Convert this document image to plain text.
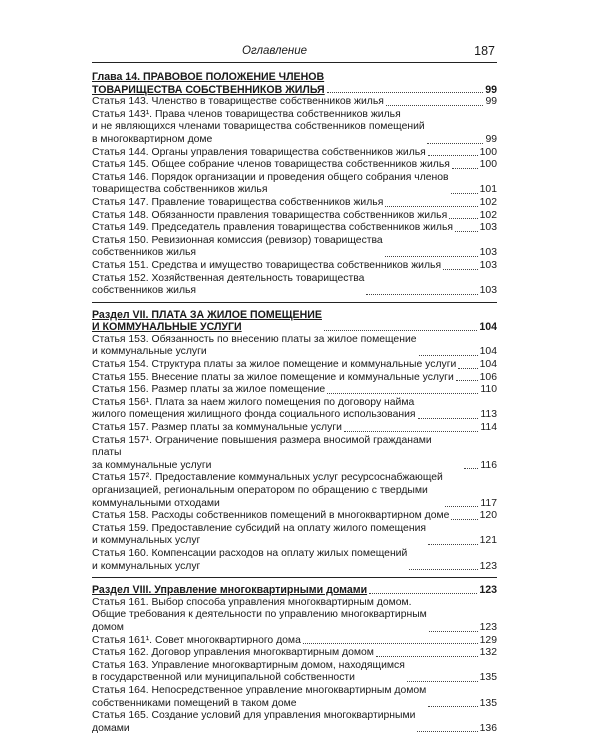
Оглавление	187
Глава 14. ПРАВОВОЕ ПОЛОЖЕНИЕ ЧЛЕНОВ
ТОВАРИЩЕСТВА СОБСТВЕННИКОВ ЖИЛЬЯ	99
Статья 143. Членство в товариществе собственников жилья	99
Статья 143¹. Права членов товарищества собственников жилья
и не являющихся членами товарищества собственников помещений
в многоквартирном доме	99
Статья 144. Органы управления товарищества собственников жилья	100
Статья 145. Общее собрание членов товарищества собственников жилья	100
Статья 146. Порядок организации и проведения общего собрания членов
товарищества собственников жилья	101
Статья 147. Правление товарищества собственников жилья	102
Статья 148. Обязанности правления товарищества собственников жилья	102
Статья 149. Председатель правления товарищества собственников жилья	103
Статья 150. Ревизионная комиссия (ревизор) товарищества
собственников жилья	103
Статья 151. Средства и имущество товарищества собственников жилья	103
Статья 152. Хозяйственная деятельность товарищества
собственников жилья	103
Раздел VII. ПЛАТА ЗА ЖИЛОЕ ПОМЕЩЕНИЕ
И КОММУНАЛЬНЫЕ УСЛУГИ	104
Статья 153. Обязанность по внесению платы за жилое помещение
и коммунальные услуги	104
Статья 154. Структура платы за жилое помещение и коммунальные услуги 104
Статья 155. Внесение платы за жилое помещение и коммунальные услуги 106
Статья 156. Размер платы за жилое помещение	110
Статья 156¹. Плата за наем жилого помещения по договору найма
жилого помещения жилищного фонда социального использования	113
Статья 157. Размер платы за коммунальные услуги	114
Статья 157¹. Ограничение повышения размера вносимой гражданами платы
за коммунальные услуги	116
Статья 157². Предоставление коммунальных услуг ресурсоснабжающей
организацией, региональным оператором по обращению с твердыми
коммунальными отходами	117
Статья 158. Расходы собственников помещений в многоквартирном доме	120
Статья 159. Предоставление субсидий на оплату жилого помещения
и коммунальных услуг	121
Статья 160. Компенсации расходов на оплату жилых помещений
и коммунальных услуг	123
Раздел VIII. Управление многоквартирными домами	123
Статья 161. Выбор способа управления многоквартирным домом.
Общие требования к деятельности по управлению многоквартирным
домом	123
Статья 161¹. Совет многоквартирного дома	129
Статья 162. Договор управления многоквартирным домом	132
Статья 163. Управление многоквартирным домом, находящимся
в государственной или муниципальной собственности	135
Статья 164. Непосредственное управление многоквартирным домом
собственниками помещений в таком доме	135
Статья 165. Создание условий для управления многоквартирными
домами	136
